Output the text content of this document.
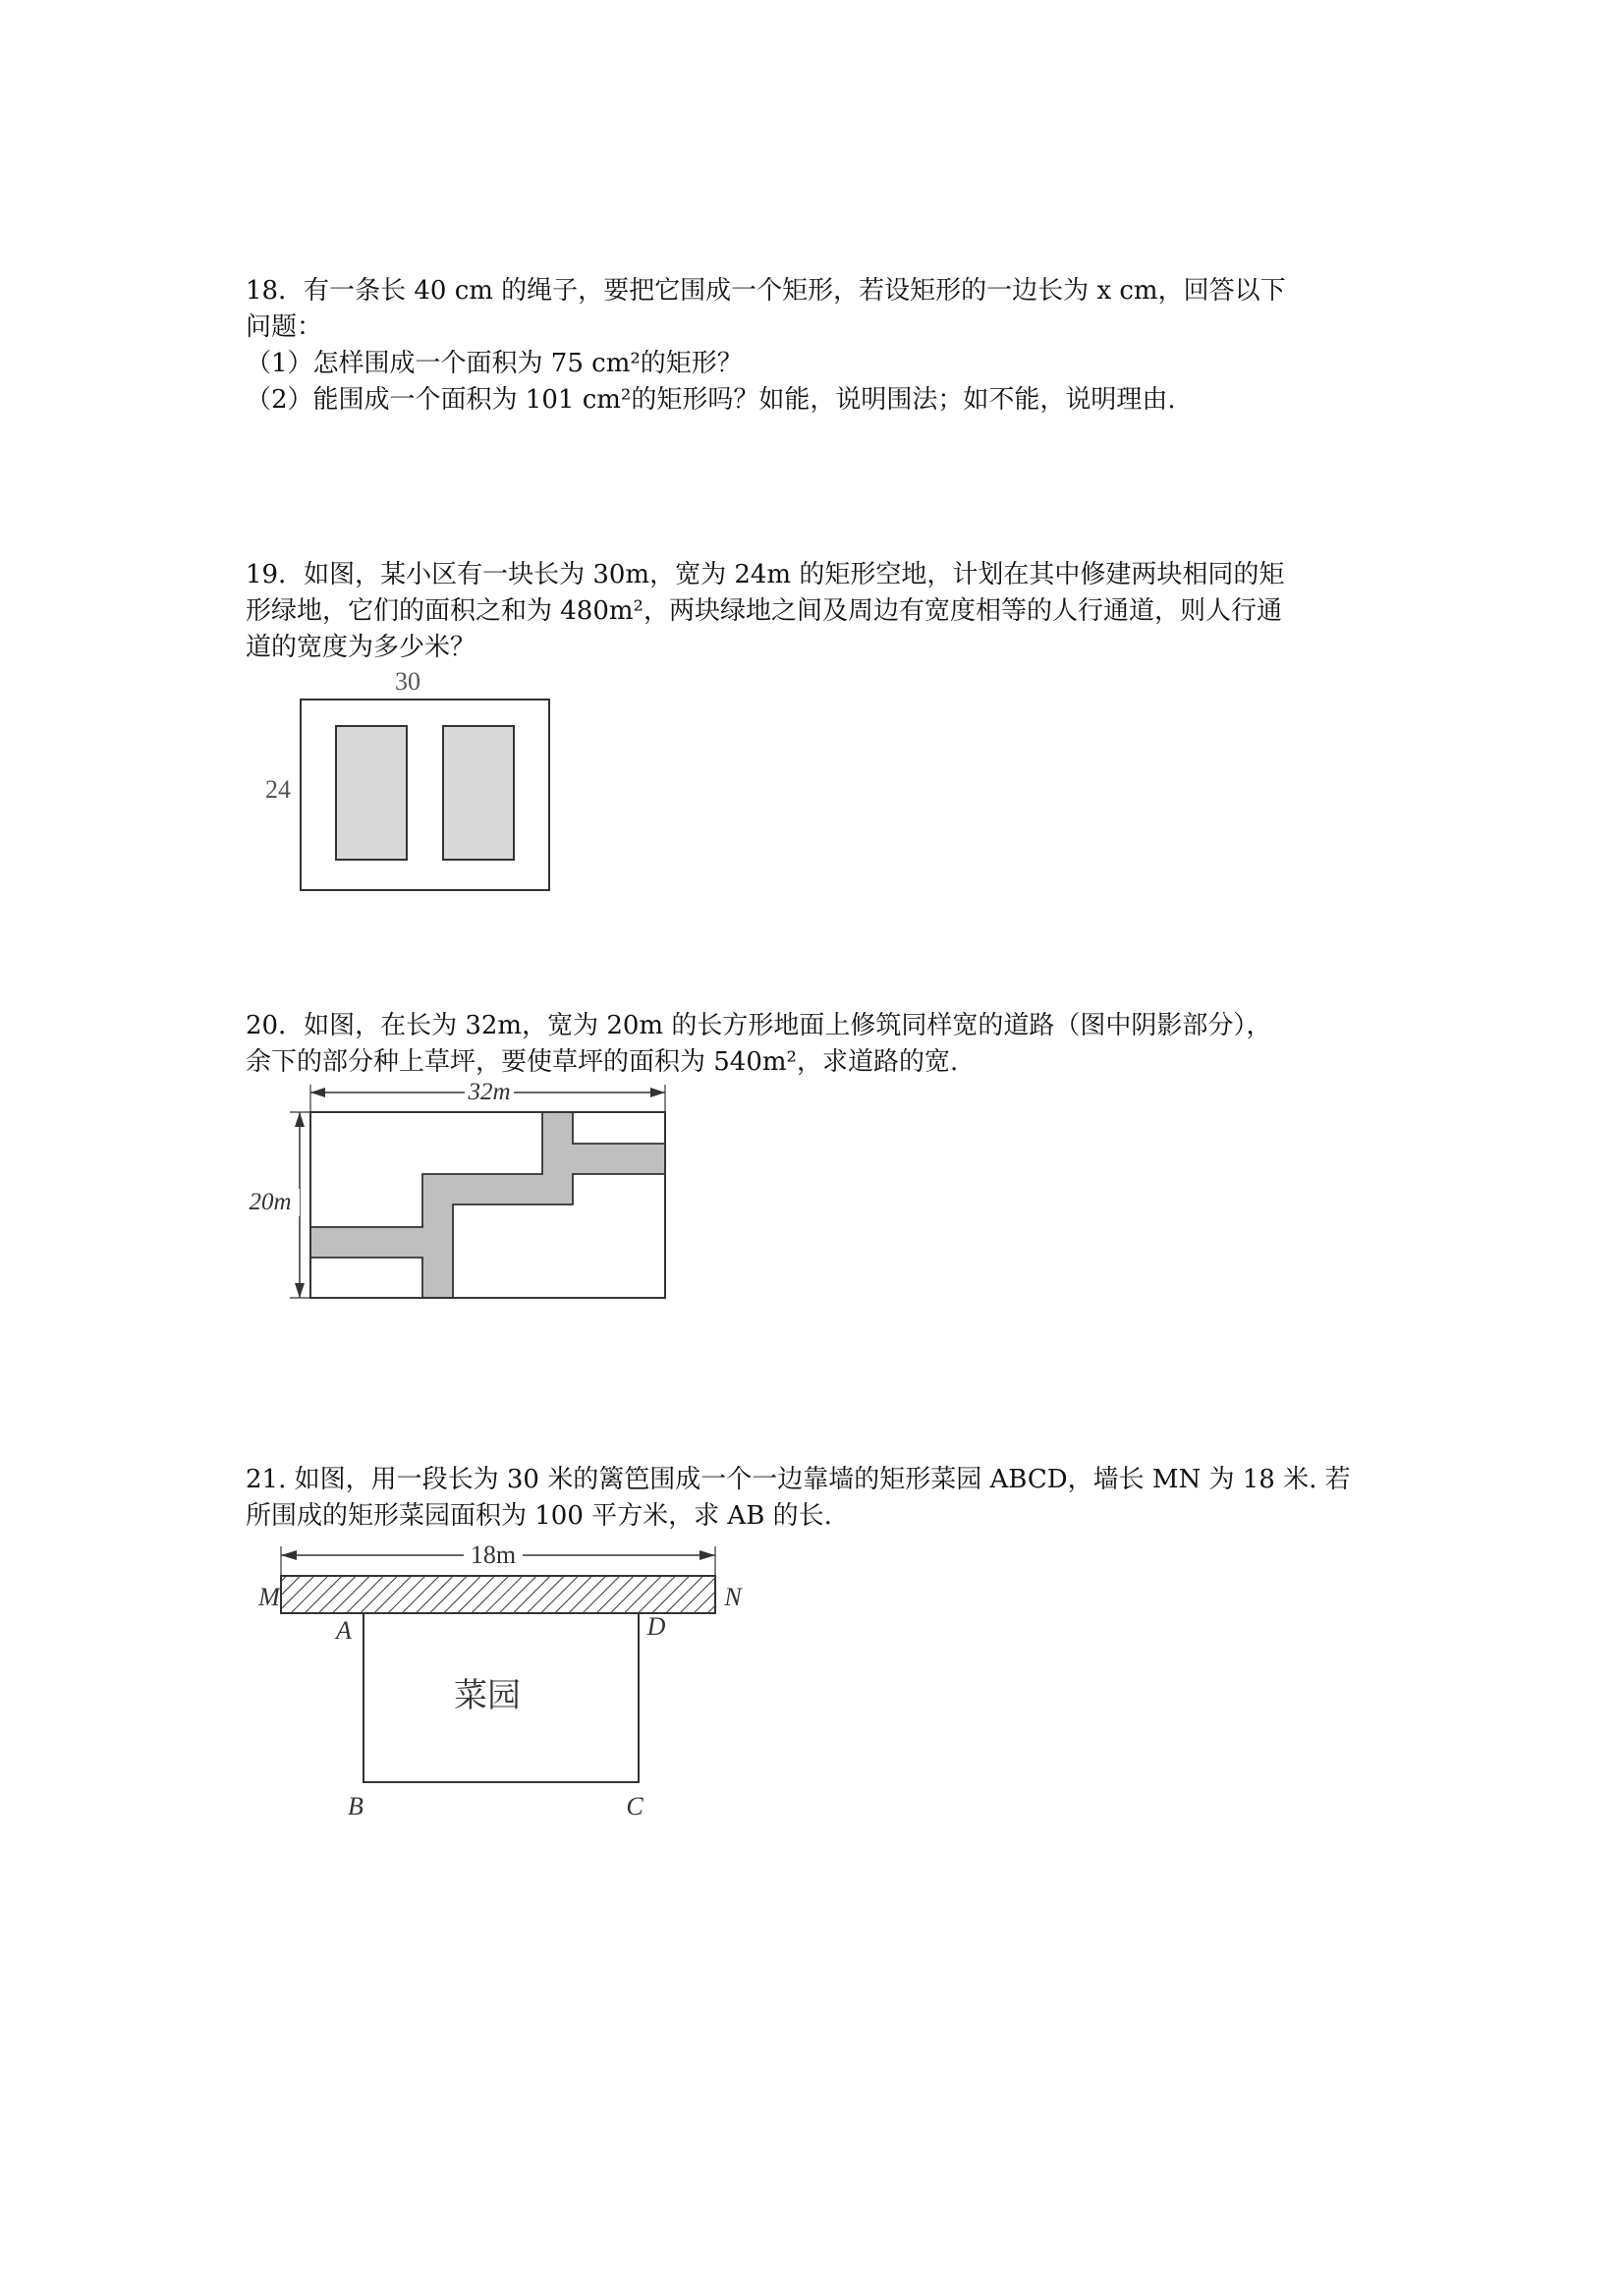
18．有一条长 40 cm 的绳子，要把它围成一个矩形，若设矩形的一边长为 x cm，回答以下

问题：

（1）怎样围成一个面积为 75 cm²的矩形？

（2）能围成一个面积为 101 cm²的矩形吗？如能，说明围法；如不能，说明理由.

19．如图，某小区有一块长为 30m，宽为 24m 的矩形空地，计划在其中修建两块相同的矩

形绿地，它们的面积之和为 480m²，两块绿地之间及周边有宽度相等的人行通道，则人行通

道的宽度为多少米？

30
24

20．如图，在长为 32m，宽为 20m 的长方形地面上修筑同样宽的道路（图中阴影部分），

余下的部分种上草坪，要使草坪的面积为 540m²，求道路的宽.

32m
20m

21. 如图，用一段长为 30 米的篱笆围成一个一边靠墙的矩形菜园 ABCD，墙长 MN 为 18 米. 若

所围成的矩形菜园面积为 100 平方米，求 AB 的长.

18m
M	N
A	D
B	C
菜园
